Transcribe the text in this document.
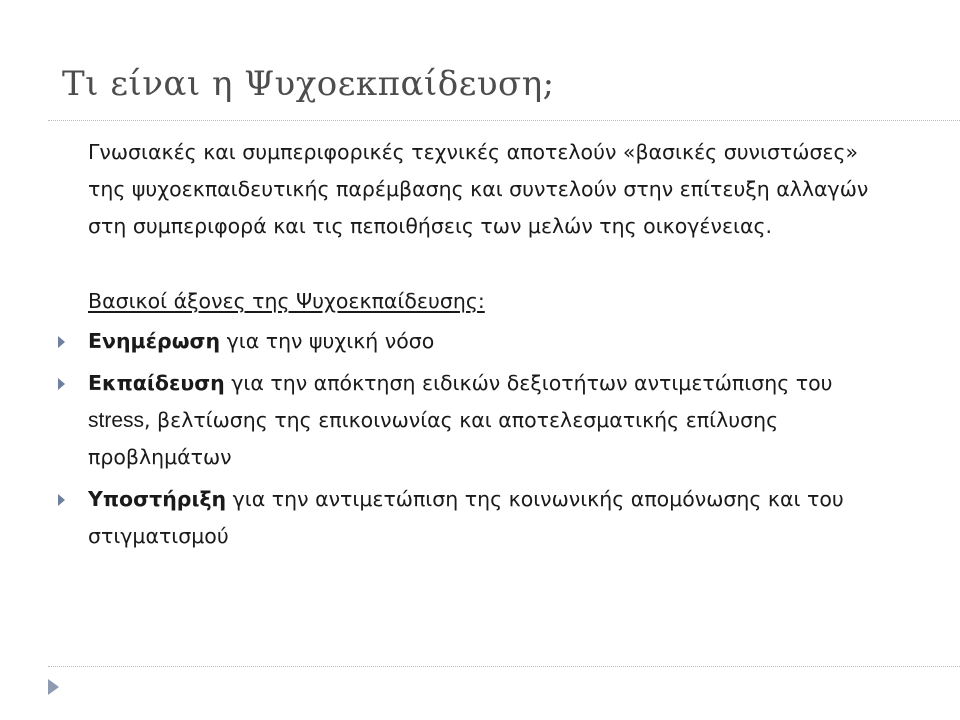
Τι είναι η Ψυχοεκπαίδευση;

Γνωσιακές και συμπεριφορικές τεχνικές αποτελούν «βασικές συνιστώσες» της ψυχοεκπαιδευτικής παρέμβασης και συντελούν στην επίτευξη αλλαγών στη συμπεριφορά και τις πεποιθήσεις των μελών της οικογένειας.

Βασικοί άξονες της Ψυχοεκπαίδευσης:

Ενημέρωση για την ψυχική νόσο

Εκπαίδευση για την απόκτηση ειδικών δεξιοτήτων αντιμετώπισης του stress, βελτίωσης της επικοινωνίας και αποτελεσματικής επίλυσης προβλημάτων

Υποστήριξη για την αντιμετώπιση της κοινωνικής απομόνωσης και του στιγματισμού
